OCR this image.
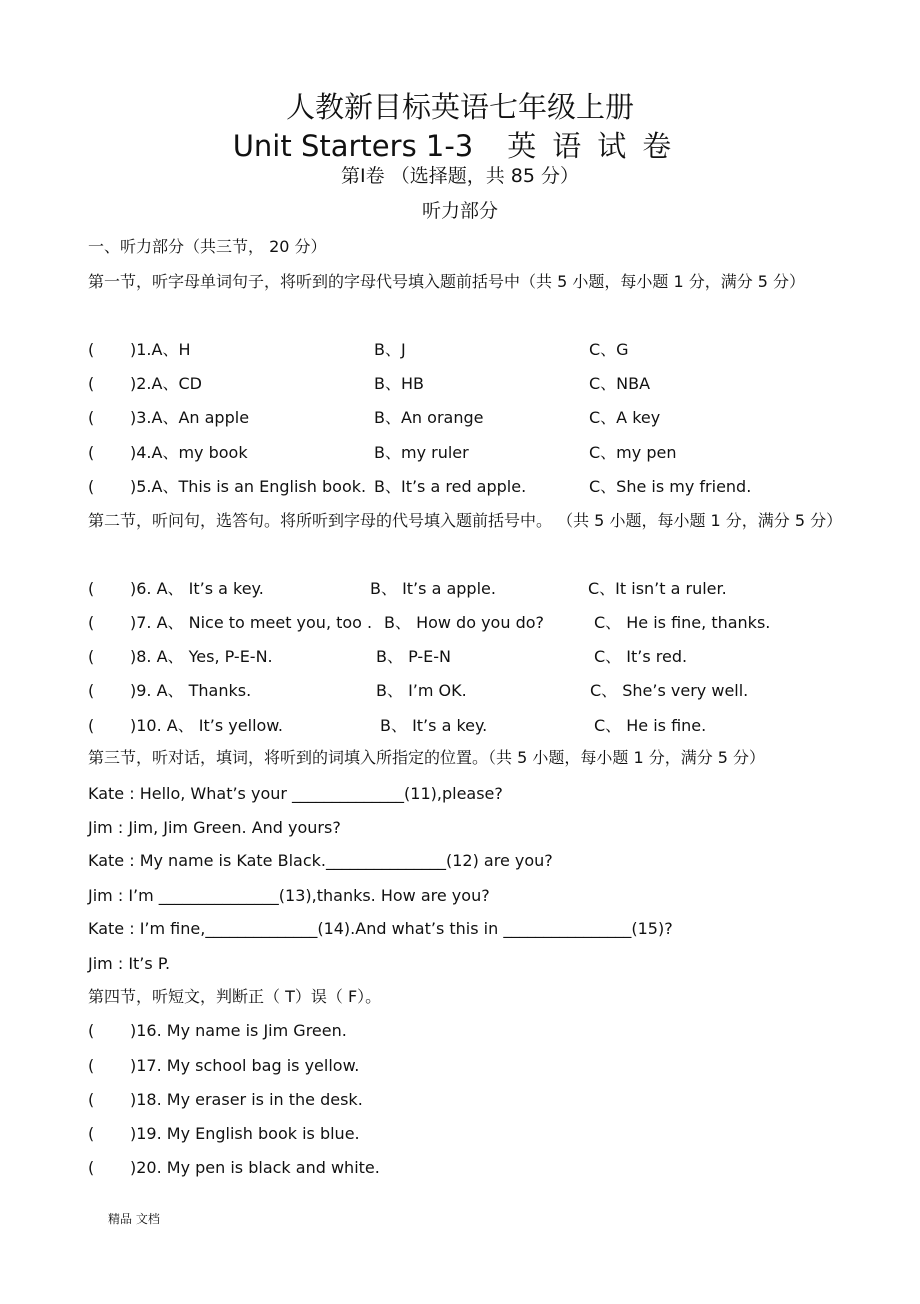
人教新目标英语七年级上册
Unit Starters 1-3 英语试卷
第Ⅰ卷 （选择题，共 85 分）
听力部分
一、听力部分（共三节， 20 分）
第一节，听字母单词句子，将听到的字母代号填入题前括号中（共 5 小题，每小题 1 分，满分 5 分）
( )1.A、H	B、J	C、G
( )2.A、CD	B、HB	C、NBA
( )3.A、An apple	B、An orange	C、A key
( )4.A、my book	B、my ruler	C、my pen
( )5.A、This is an English book. B、It’s a red apple.	C、She is my friend.
第二节，听问句，选答句。将所听到字母的代号填入题前括号中。 （共 5 小题，每小题 1 分，满分 5 分）
( )6. A、 It’s a key.	B、 It’s a apple.	C、It isn’t a ruler.
( )7. A、 Nice to meet you, too . B、 How do you do?	C、 He is fine, thanks.
( )8. A、 Yes, P-E-N.	B、 P-E-N	C、 It’s red.
( )9. A、 Thanks.	B、 I’m OK.	C、 She’s very well.
( )10. A、 It’s yellow.	B、 It’s a key.	C、 He is fine.
第三节，听对话，填词，将听到的词填入所指定的位置。（共 5 小题，每小题 1 分，满分 5 分）
Kate : Hello, What’s your ______________(11),please?
Jim : Jim, Jim Green. And yours?
Kate : My name is Kate Black._______________(12) are you?
Jim : I’m _______________(13),thanks. How are you?
Kate : I’m fine,______________(14).And what’s this in ________________(15)?
Jim : It’s P.
第四节，听短文，判断正（ T）误（ F）。
( )16. My name is Jim Green.
( )17. My school bag is yellow.
( )18. My eraser is in the desk.
( )19. My English book is blue.
( )20. My pen is black and white.
精品 文档
